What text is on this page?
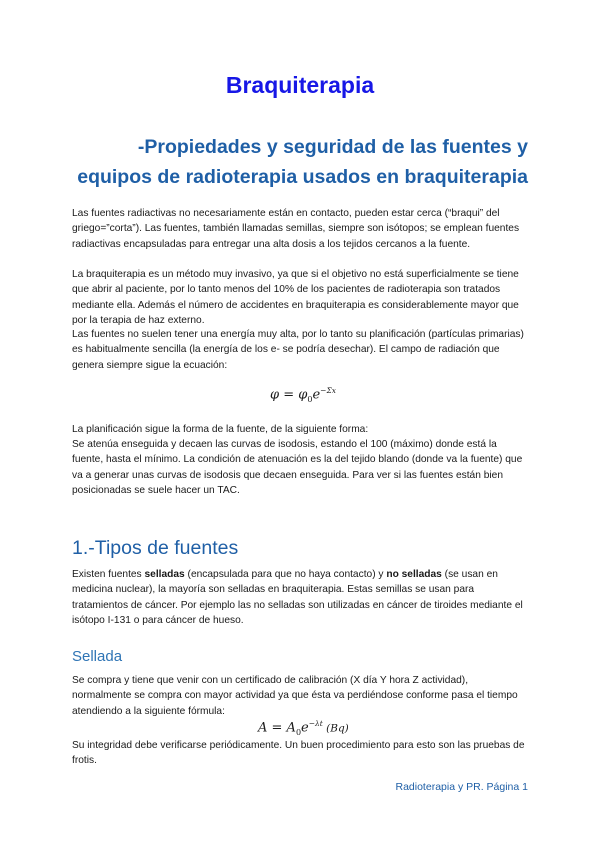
Braquiterapia
-Propiedades y seguridad de las fuentes y equipos de radioterapia usados en braquiterapia

Las fuentes radiactivas no necesariamente están en contacto, pueden estar cerca (“braqui” del griego=”corta”). Las fuentes, también llamadas semillas, siempre son isótopos; se emplean fuentes radiactivas encapsuladas para entregar una alta dosis a los tejidos cercanos a la fuente.

La braquiterapia es un método muy invasivo, ya que si el objetivo no está superficialmente se tiene que abrir al paciente, por lo tanto menos del 10% de los pacientes de radioterapia son tratados mediante ella. Además el número de accidentes en braquiterapia es considerablemente mayor que por la terapia de haz externo.

Las fuentes no suelen tener una energía muy alta, por lo tanto su planificación (partículas primarias) es habitualmente sencilla (la energía de los e- se podría desechar). El campo de radiación que genera siempre sigue la ecuación:

$\varphi = \varphi_0e^{-\Sigma x}$

La planificación sigue la forma de la fuente, de la siguiente forma:

Se atenúa enseguida y decaen las curvas de isodosis, estando el 100 (máximo) donde está la fuente, hasta el mínimo. La condición de atenuación es la del tejido blando (donde va la fuente) que va a generar unas curvas de isodosis que decaen enseguida. Para ver si las fuentes están bien posicionadas se suele hacer un TAC.

1.-Tipos de fuentes

Existen fuentes selladas (encapsulada para que no haya contacto) y no selladas (se usan en medicina nuclear), la mayoría son selladas en braquiterapia. Estas semillas se usan para tratamientos de cáncer. Por ejemplo las no selladas son utilizadas en cáncer de tiroides mediante el isótopo I-131 o para cáncer de hueso.

Sellada

Se compra y tiene que venir con un certificado de calibración (X día Y hora Z actividad), normalmente se compra con mayor actividad ya que ésta va perdiéndose conforme pasa el tiempo atendiendo a la siguiente fórmula:

$A = A_0e^{-\lambda t}$ (Bq)

Su integridad debe verificarse periódicamente. Un buen procedimiento para esto son las pruebas de frotis.

Radioterapia y PR. Página 1
